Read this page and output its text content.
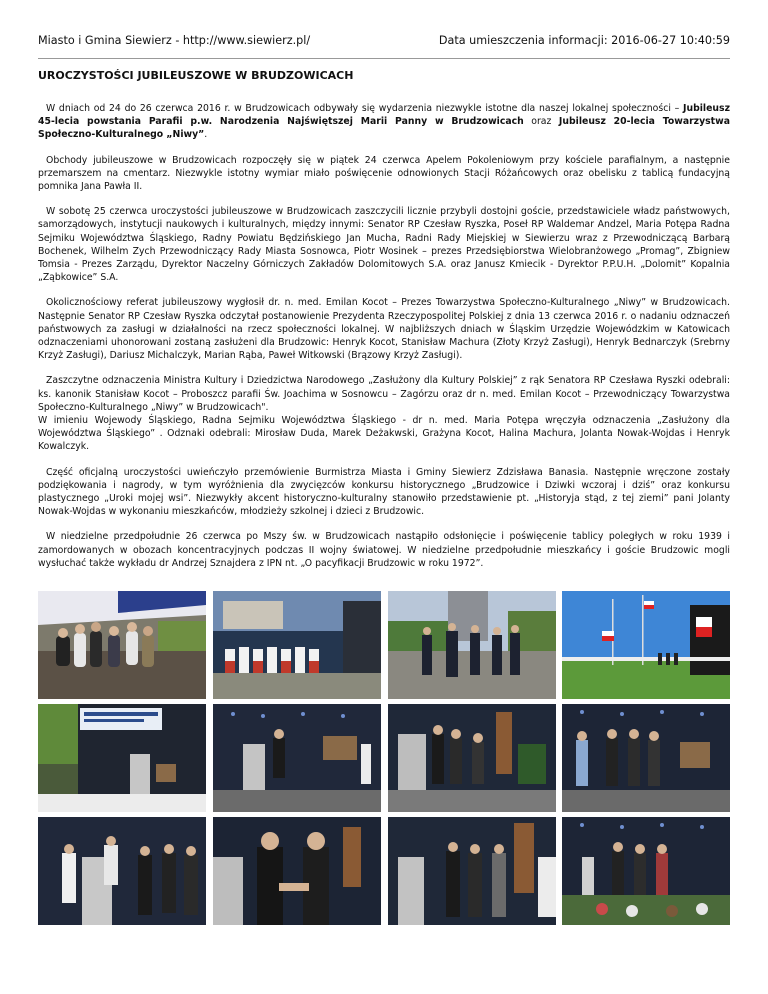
Miasto i Gmina Siewierz - http://www.siewierz.pl/	Data umieszczenia informacji: 2016-06-27 10:40:59
UROCZYSTOŚCI JUBILEUSZOWE W BRUDZOWICACH

W dniach od 24 do 26 czerwca 2016 r. w Brudzowicach odbywały się wydarzenia niezwykle istotne dla naszej lokalnej społeczności – Jubileusz 45-lecia powstania Parafii p.w. Narodzenia Najświętszej Marii Panny w Brudzowicach oraz Jubileusz 20-lecia Towarzystwa Społeczno-Kulturalnego „Niwy”.

Obchody jubileuszowe w Brudzowicach rozpoczęły się w piątek 24 czerwca Apelem Pokoleniowym przy kościele parafialnym, a następnie przemarszem na cmentarz. Niezwykle istotny wymiar miało poświęcenie odnowionych Stacji Różańcowych oraz obelisku z tablicą fundacyjną pomnika Jana Pawła II.

W sobotę 25 czerwca uroczystości jubileuszowe w Brudzowicach zaszczycili licznie przybyli dostojni goście, przedstawiciele władz państwowych, samorządowych, instytucji naukowych i kulturalnych, między innymi: Senator RP Czesław Ryszka, Poseł RP Waldemar Andzel, Maria Potępa Radna Sejmiku Województwa Śląskiego, Radny Powiatu Będzińskiego Jan Mucha, Radni Rady Miejskiej w Siewierzu wraz z Przewodniczącą Barbarą Bochenek, Wilhelm Zych Przewodniczący Rady Miasta Sosnowca, Piotr Wosinek – prezes Przedsiębiorstwa Wielobranżowego „Promag”, Zbigniew Tomsia - Prezes Zarządu, Dyrektor Naczelny Górniczych Zakładów Dolomitowych S.A. oraz Janusz Kmiecik - Dyrektor P.P.U.H. „Dolomit” Kopalnia „Ząbkowice” S.A.

Okolicznościowy referat jubileuszowy wygłosił dr. n. med. Emilan Kocot – Prezes Towarzystwa Społeczno-Kulturalnego „Niwy” w Brudzowicach. Następnie Senator RP Czesław Ryszka odczytał postanowienie Prezydenta Rzeczypospolitej Polskiej z dnia 13 czerwca 2016 r. o nadaniu odznaczeń państwowych za zasługi w działalności na rzecz społeczności lokalnej. W najbliższych dniach w Śląskim Urzędzie Wojewódzkim w Katowicach odznaczeniami uhonorowani zostaną zasłużeni dla Brudzowic: Henryk Kocot, Stanisław Machura (Złoty Krzyż Zasługi), Henryk Bednarczyk (Srebrny Krzyż Zasługi), Dariusz Michalczyk, Marian Rąba, Paweł Witkowski (Brązowy Krzyż Zasługi).

Zaszczytne odznaczenia Ministra Kultury i Dziedzictwa Narodowego „Zasłużony dla Kultury Polskiej” z rąk Senatora RP Czesława Ryszki odebrali: ks. kanonik Stanisław Kocot – Proboszcz parafii Św. Joachima w Sosnowcu – Zagórzu oraz dr n. med. Emilan Kocot – Przewodniczący Towarzystwa Społeczno-Kulturalnego „Niwy” w Brudzowicach".

W imieniu Wojewody Śląskiego, Radna Sejmiku Województwa Śląskiego - dr n. med. Maria Potępa wręczyła odznaczenia „Zasłużony dla Województwa Śląskiego” . Odznaki odebrali: Mirosław Duda, Marek Deżakwski, Grażyna Kocot, Halina Machura, Jolanta Nowak-Wojdas i Henryk Kowalczyk.

Część oficjalną uroczystości uwieńczyło przemówienie Burmistrza Miasta i Gminy Siewierz Zdzisława Banasia. Następnie wręczone zostały podziękowania i nagrody, w tym wyróżnienia dla zwycięzców konkursu historycznego „Brudzowice i Dziwki wczoraj i dziś” oraz konkursu plastycznego „Uroki mojej wsi”. Niezwykły akcent historyczno-kulturalny stanowiło przedstawienie pt. „Historyja stąd, z tej ziemi” pani Jolanty Nowak-Wojdas w wykonaniu mieszkańców, młodzieży szkolnej i dzieci z Brudzowic.

W niedzielne przedpołudnie 26 czerwca po Mszy św. w Brudzowicach nastąpiło odsłonięcie i poświęcenie tablicy poległych w roku 1939 i zamordowanych w obozach koncentracyjnych podczas II wojny światowej. W niedzielne przedpołudnie mieszkańcy i goście Brudzowic mogli wysłuchać także wykładu dr Andrzej Sznajdera z IPN nt. „O pacyfikacji Brudzowic w roku 1972”.
